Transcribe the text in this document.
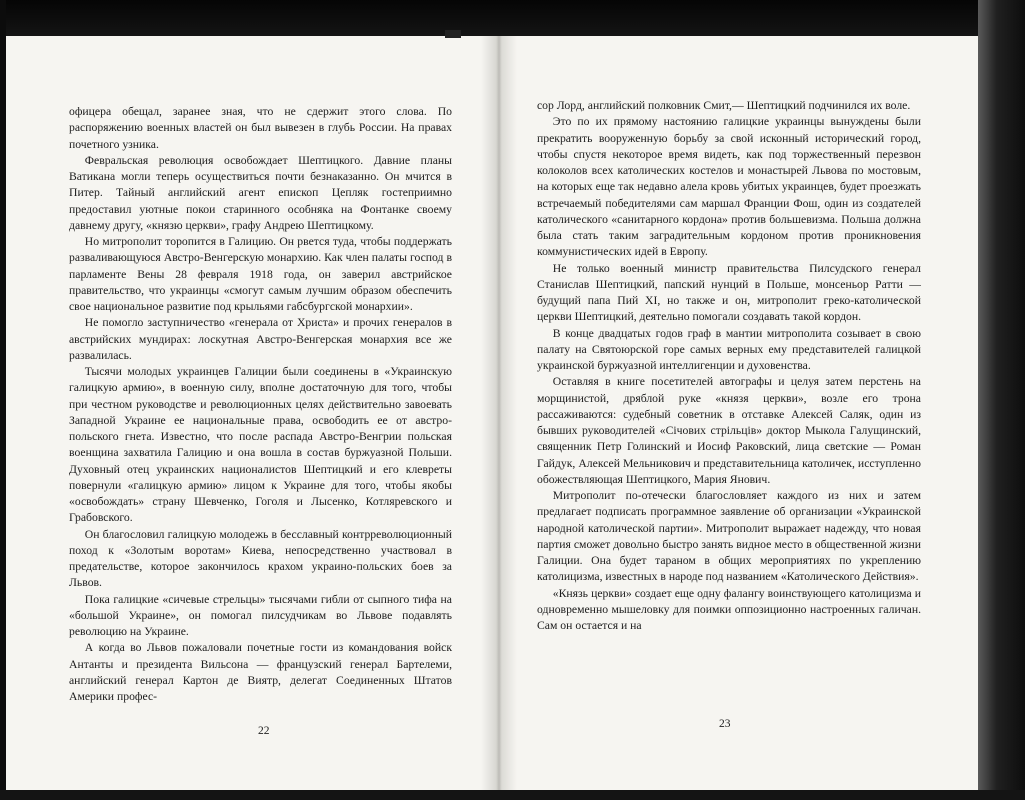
офицера обещал, заранее зная, что не сдержит этого слова. По распоряжению военных властей он был вывезен в глубь России. На правах почетного узника.

Февральская революция освобождает Шептицкого. Давние планы Ватикана могли теперь осуществиться почти безнаказанно. Он мчится в Питер. Тайный английский агент епископ Цепляк гостеприимно предоставил уютные покои старинного особняка на Фонтанке своему давнему другу, «князю церкви», графу Андрею Шептицкому.

Но митрополит торопится в Галицию. Он рвется туда, чтобы поддержать разваливающуюся Австро-Венгерскую монархию. Как член палаты господ в парламенте Вены 28 февраля 1918 года, он заверил австрийское правительство, что украинцы «смогут самым лучшим образом обеспечить свое национальное развитие под крыльями габсбургской монархии».

Не помогло заступничество «генерала от Христа» и прочих генералов в австрийских мундирах: лоскутная Австро-Венгерская монархия все же развалилась.

Тысячи молодых украинцев Галиции были соединены в «Украинскую галицкую армию», в военную силу, вполне достаточную для того, чтобы при честном руководстве и революционных целях действительно завоевать Западной Украине ее национальные права, освободить ее от австро-польского гнета. Известно, что после распада Австро-Венгрии польская военщина захватила Галицию и она вошла в состав буржуазной Польши. Духовный отец украинских националистов Шептицкий и его клевреты повернули «галицкую армию» лицом к Украине для того, чтобы якобы «освобождать» страну Шевченко, Гоголя и Лысенко, Котляревского и Грабовского.

Он благословил галицкую молодежь в бесславный контрреволюционный поход к «Золотым воротам» Киева, непосредственно участвовал в предательстве, которое закончилось крахом украино-польских боев за Львов.

Пока галицкие «сичевые стрельцы» тысячами гибли от сыпного тифа на «большой Украине», он помогал пилсудчикам во Львове подавлять революцию на Украине.

А когда во Львов пожаловали почетные гости из командования войск Антанты и президента Вильсона — французский генерал Бартелеми, английский генерал Картон де Виятр, делегат Соединенных Штатов Америки профес-

22

сор Лорд, английский полковник Смит,— Шептицкий подчинился их воле.

Это по их прямому настоянию галицкие украинцы вынуждены были прекратить вооруженную борьбу за свой исконный исторический город, чтобы спустя некоторое время видеть, как под торжественный перезвон колоколов всех католических костелов и монастырей Львова по мостовым, на которых еще так недавно алела кровь убитых украинцев, будет проезжать встречаемый победителями сам маршал Франции Фош, один из создателей католического «санитарного кордона» против большевизма. Польша должна была стать таким заградительным кордоном против проникновения коммунистических идей в Европу.

Не только военный министр правительства Пилсудского генерал Станислав Шептицкий, папский нунций в Польше, монсеньор Ратти — будущий папа Пий XI, но также и он, митрополит греко-католической церкви Шептицкий, деятельно помогали создавать такой кордон.

В конце двадцатых годов граф в мантии митрополита созывает в свою палату на Святоюрской горе самых верных ему представителей галицкой украинской буржуазной интеллигенции и духовенства.

Оставляя в книге посетителей автографы и целуя затем перстень на морщинистой, дряблой руке «князя церкви», возле его трона рассаживаются: судебный советник в отставке Алексей Саляк, один из бывших руководителей «Січових стрільців» доктор Мыкола Галущинский, священник Петр Голинский и Иосиф Раковский, лица светские — Роман Гайдук, Алексей Мельникович и представительница католичек, исступленно обожествляющая Шептицкого, Мария Янович.

Митрополит по-отечески благословляет каждого из них и затем предлагает подписать программное заявление об организации «Украинской народной католической партии». Митрополит выражает надежду, что новая партия сможет довольно быстро занять видное место в общественной жизни Галиции. Она будет тараном в общих мероприятиях по укреплению католицизма, известных в народе под названием «Католического Действия».

«Князь церкви» создает еще одну фалангу воинствующего католицизма и одновременно мышеловку для поимки оппозиционно настроенных галичан. Сам он остается и на

23
